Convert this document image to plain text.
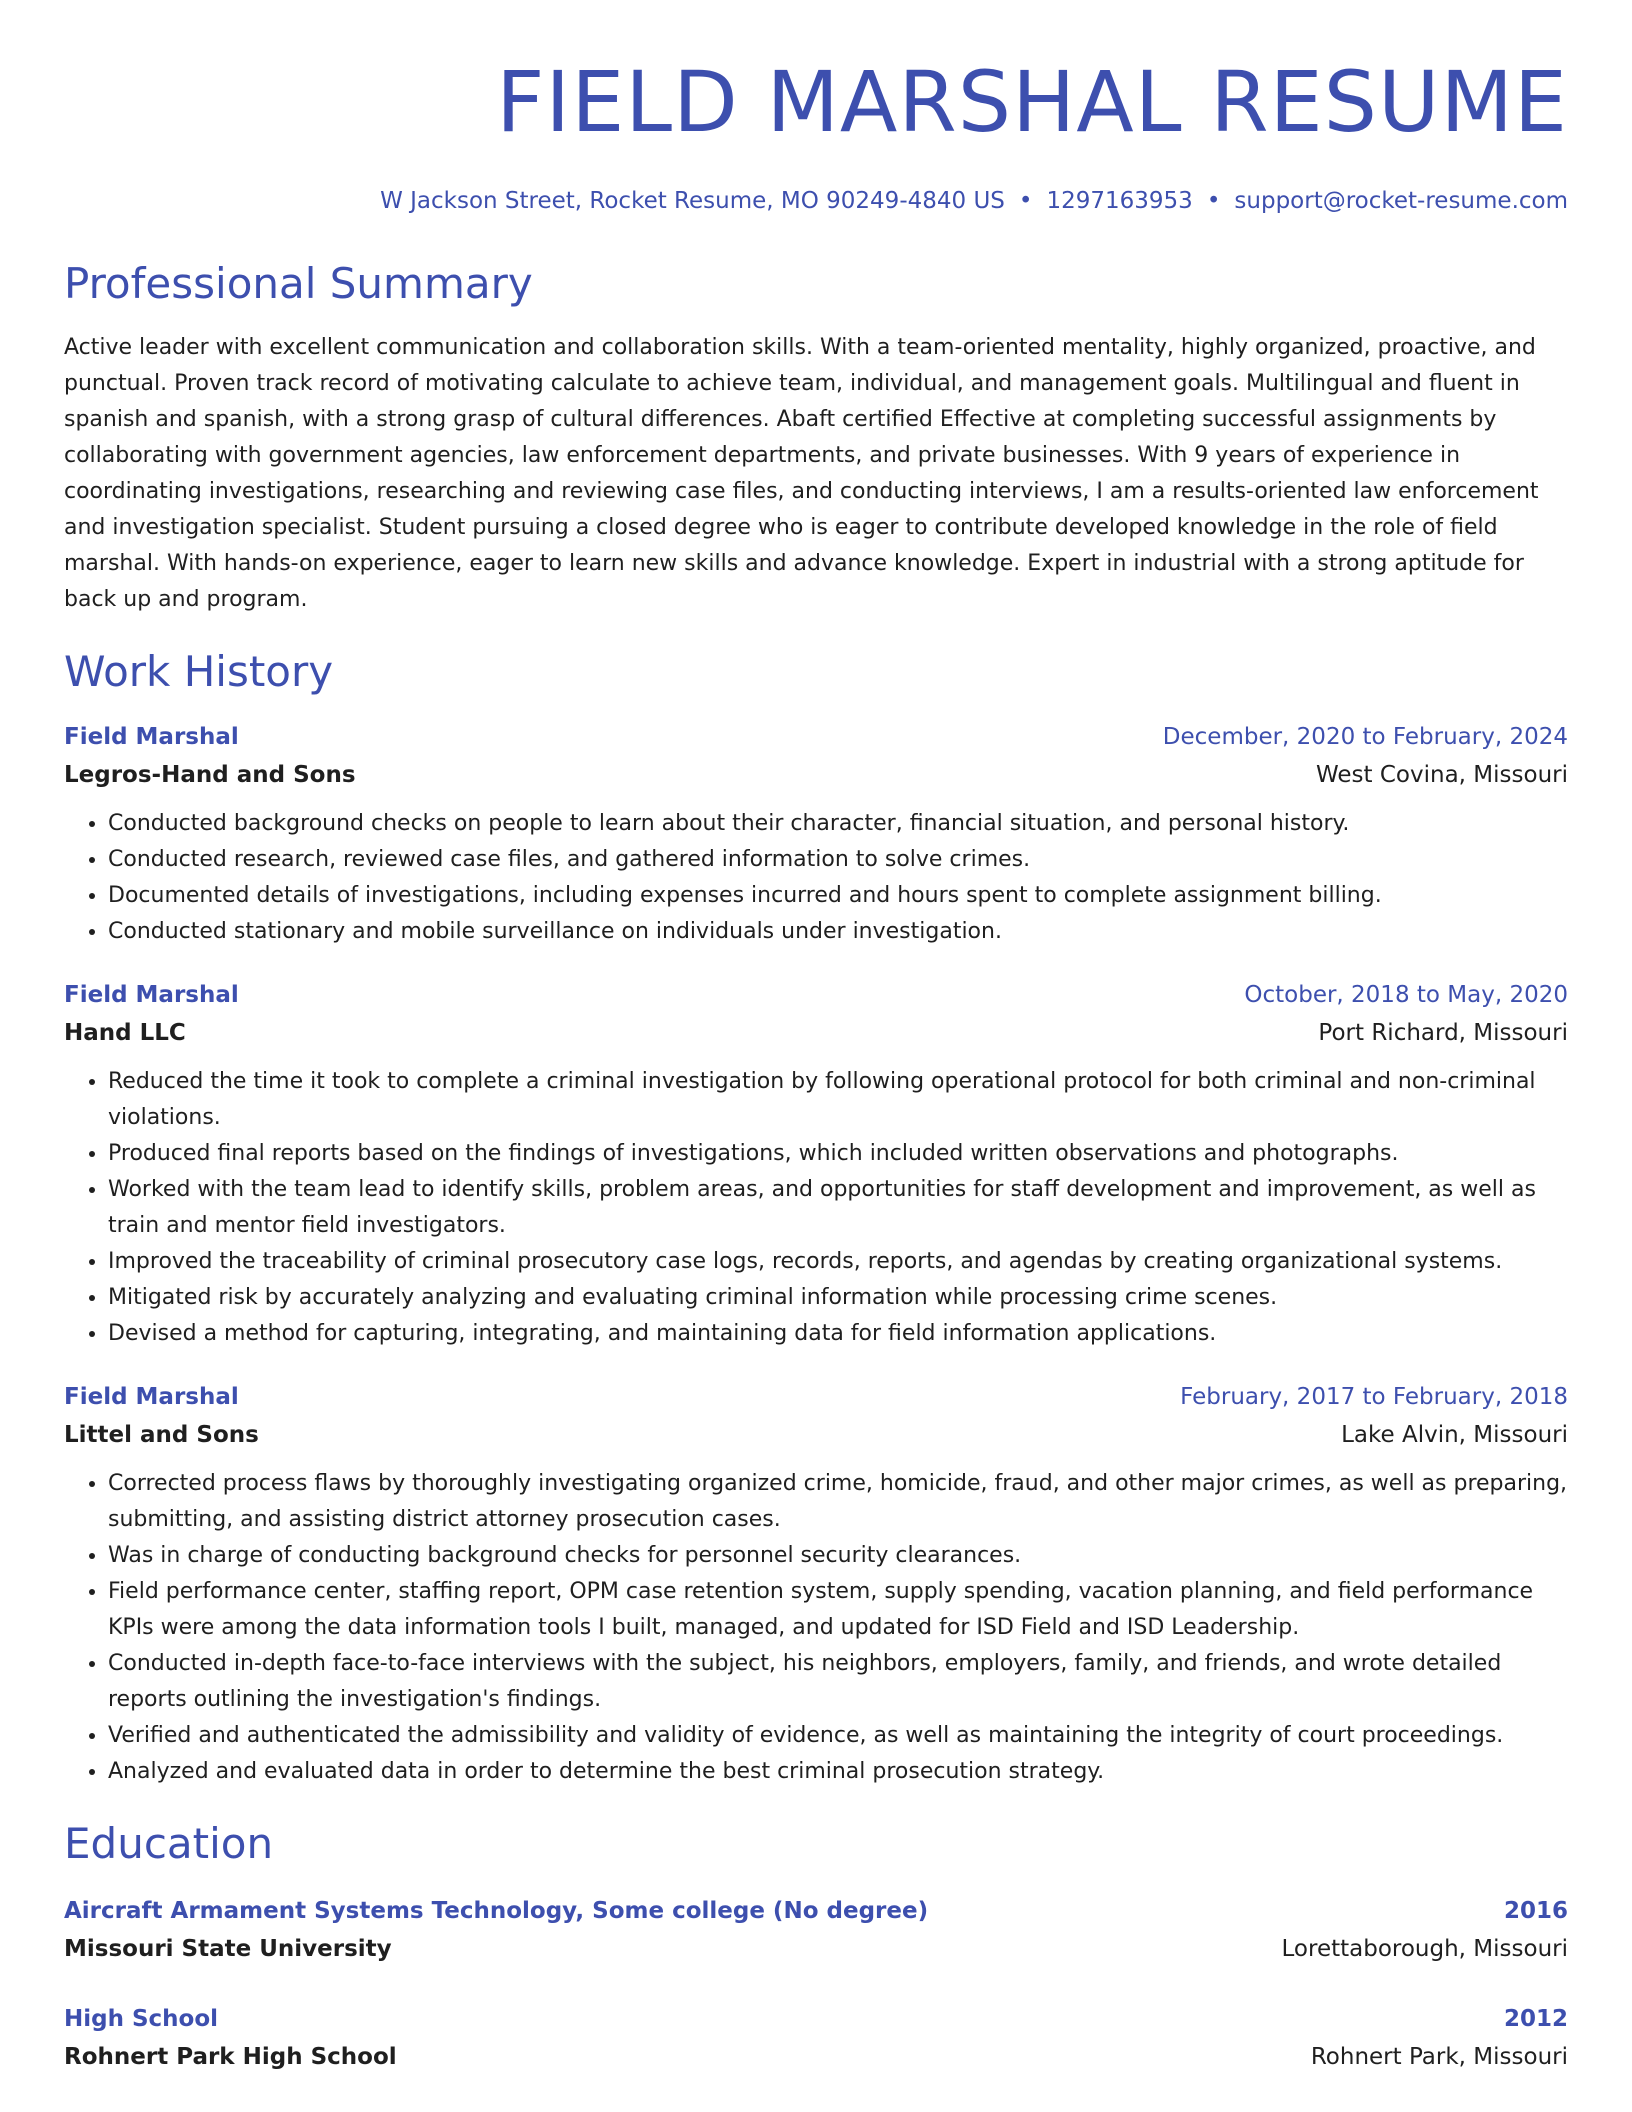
FIELD MARSHAL RESUME
W Jackson Street, Rocket Resume, MO 90249-4840 US • 1297163953 • support@rocket-resume.com
Professional Summary

Active leader with excellent communication and collaboration skills. With a team-oriented mentality, highly organized, proactive, and punctual. Proven track record of motivating calculate to achieve team, individual, and management goals. Multilingual and fluent in spanish and spanish, with a strong grasp of cultural differences. Abaft certified Effective at completing successful assignments by collaborating with government agencies, law enforcement departments, and private businesses. With 9 years of experience in coordinating investigations, researching and reviewing case files, and conducting interviews, I am a results-oriented law enforcement and investigation specialist. Student pursuing a closed degree who is eager to contribute developed knowledge in the role of field marshal. With hands-on experience, eager to learn new skills and advance knowledge. Expert in industrial with a strong aptitude for back up and program.

Work History
Field Marshal	December, 2020 to February, 2024
Legros-Hand and Sons	West Covina, Missouri
• Conducted background checks on people to learn about their character, financial situation, and personal history.
• Conducted research, reviewed case files, and gathered information to solve crimes.
• Documented details of investigations, including expenses incurred and hours spent to complete assignment billing.
• Conducted stationary and mobile surveillance on individuals under investigation.
Field Marshal	October, 2018 to May, 2020
Hand LLC	Port Richard, Missouri
• Reduced the time it took to complete a criminal investigation by following operational protocol for both criminal and non-criminal violations.
• Produced final reports based on the findings of investigations, which included written observations and photographs.
• Worked with the team lead to identify skills, problem areas, and opportunities for staff development and improvement, as well as train and mentor field investigators.
• Improved the traceability of criminal prosecutory case logs, records, reports, and agendas by creating organizational systems.
• Mitigated risk by accurately analyzing and evaluating criminal information while processing crime scenes.
• Devised a method for capturing, integrating, and maintaining data for field information applications.
Field Marshal	February, 2017 to February, 2018
Littel and Sons	Lake Alvin, Missouri
• Corrected process flaws by thoroughly investigating organized crime, homicide, fraud, and other major crimes, as well as preparing, submitting, and assisting district attorney prosecution cases.
• Was in charge of conducting background checks for personnel security clearances.
• Field performance center, staffing report, OPM case retention system, supply spending, vacation planning, and field performance KPIs were among the data information tools I built, managed, and updated for ISD Field and ISD Leadership.
• Conducted in-depth face-to-face interviews with the subject, his neighbors, employers, family, and friends, and wrote detailed reports outlining the investigation's findings.
• Verified and authenticated the admissibility and validity of evidence, as well as maintaining the integrity of court proceedings.
• Analyzed and evaluated data in order to determine the best criminal prosecution strategy.
Education
Aircraft Armament Systems Technology, Some college (No degree)	2016
Missouri State University	Lorettaborough, Missouri
High School	2012
Rohnert Park High School	Rohnert Park, Missouri
